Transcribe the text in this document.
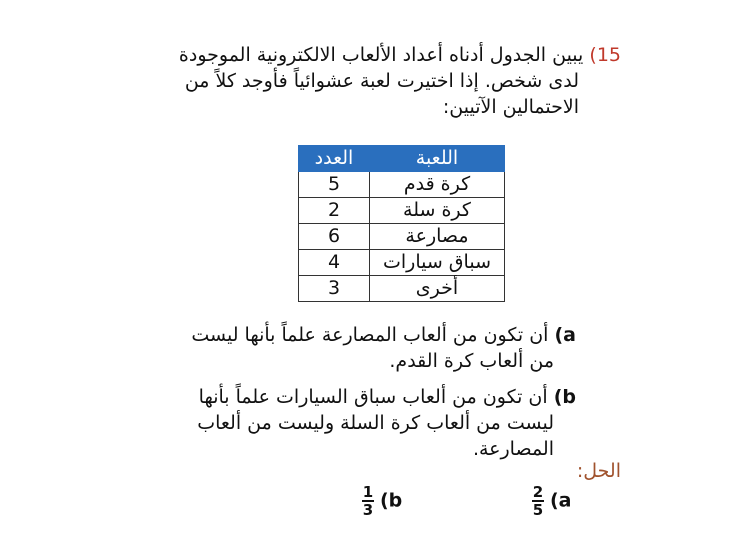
15) يبين الجدول أدناه أعداد الألعاب الالكترونية الموجودة
لدى شخص. إذا اختيرت لعبة عشوائياً فأوجد كلاً من
الاحتمالين الآتيين:
اللعبة	العدد
كرة قدم	5
كرة سلة	2
مصارعة	6
سباق سيارات	4
أخرى	3
a) أن تكون من ألعاب المصارعة علماً بأنها ليست
من ألعاب كرة القدم.
b) أن تكون من ألعاب سباق السيارات علماً بأنها
ليست من ألعاب كرة السلة وليست من ألعاب
المصارعة.
الحل:
$\frac{2}{5} (a$
$\frac{1}{3} (b$
